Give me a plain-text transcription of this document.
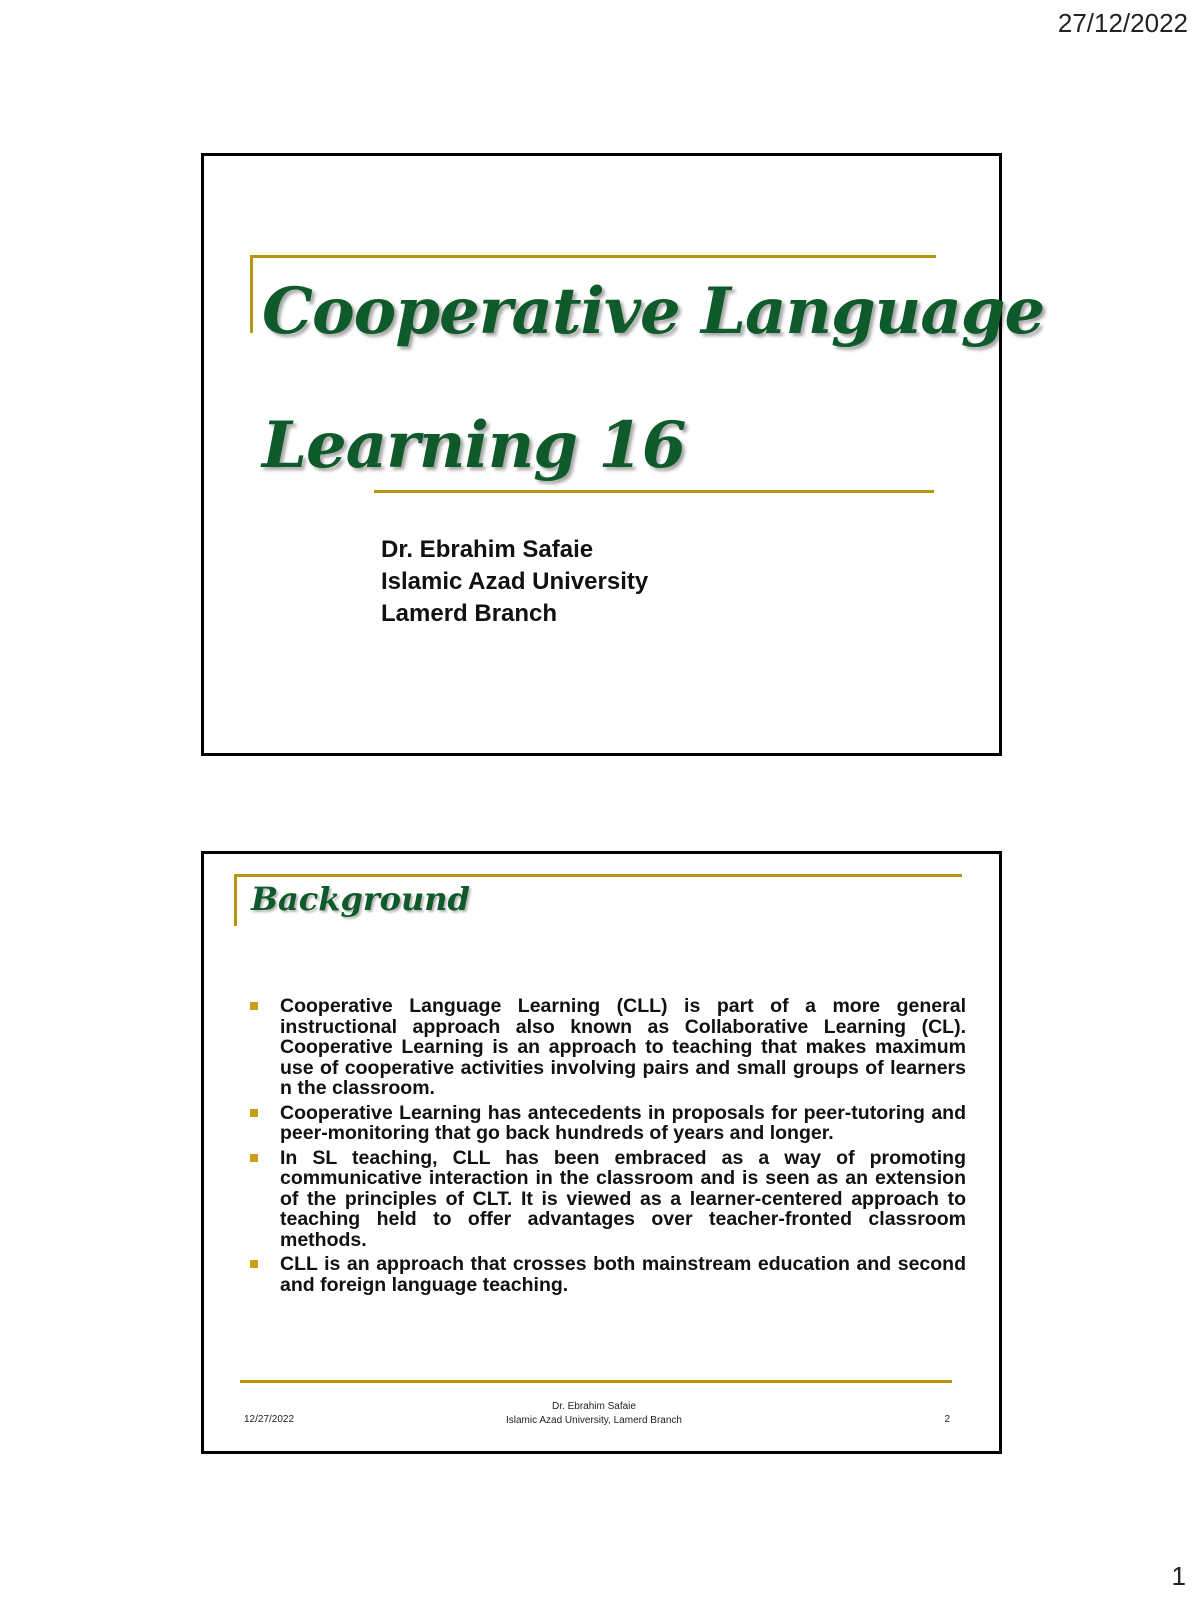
27/12/2022
Cooperative Language
Learning 16
Dr. Ebrahim Safaie
Islamic Azad University
Lamerd Branch
Background
Cooperative Language Learning (CLL) is part of a more general instructional approach also known as Collaborative Learning (CL). Cooperative Learning is an approach to teaching that makes maximum use of cooperative activities involving pairs and small groups of learners n the classroom.
Cooperative Learning has antecedents in proposals for peer-tutoring and peer-monitoring that go back hundreds of years and longer.
In SL teaching, CLL has been embraced as a way of promoting communicative interaction in the classroom and is seen as an extension of the principles of CLT. It is viewed as a learner-centered approach to teaching held to offer advantages over teacher-fronted classroom methods.
CLL is an approach that crosses both mainstream education and second and foreign language teaching.
12/27/2022
Dr. Ebrahim Safaie
Islamic Azad University, Lamerd Branch	2
1
